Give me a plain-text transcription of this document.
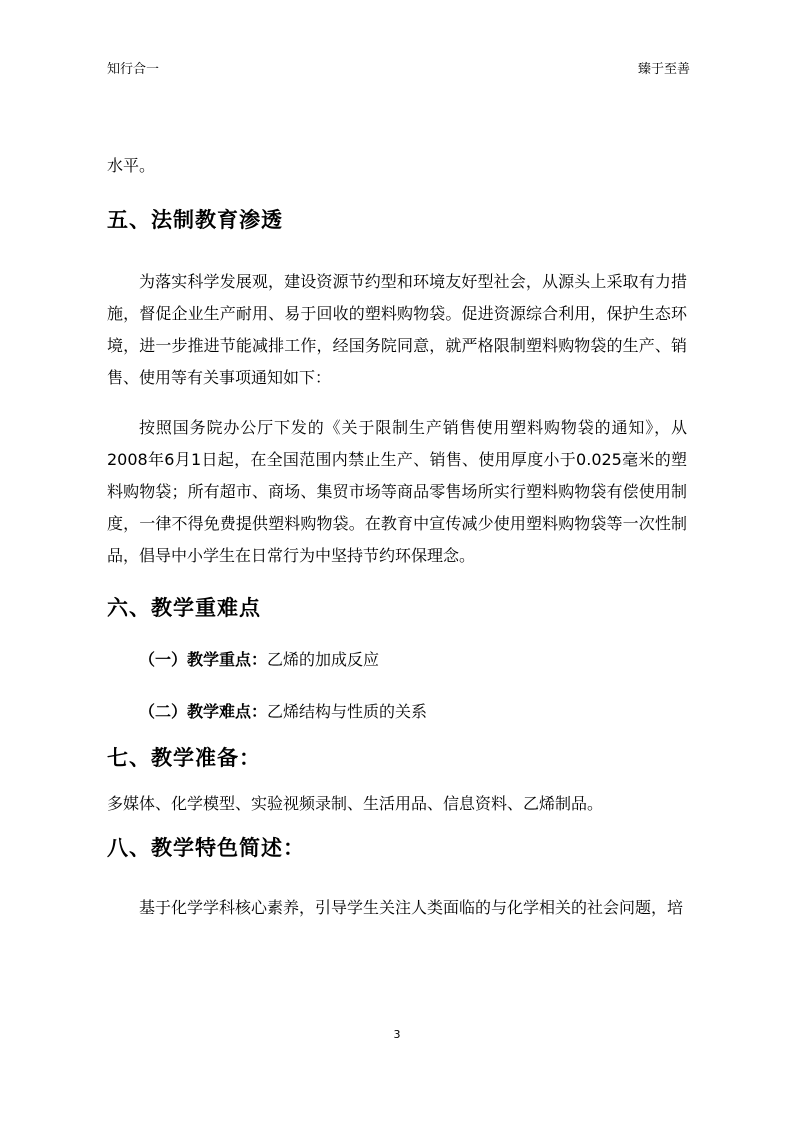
知行合一	臻于至善

水平。

五、法制教育渗透

为落实科学发展观，建设资源节约型和环境友好型社会，从源头上采取有力措施，督促企业生产耐用、易于回收的塑料购物袋。促进资源综合利用，保护生态环境，进一步推进节能减排工作，经国务院同意，就严格限制塑料购物袋的生产、销售、使用等有关事项通知如下：

按照国务院办公厅下发的《关于限制生产销售使用塑料购物袋的通知》，从2008年6月1日起，在全国范围内禁止生产、销售、使用厚度小于0.025毫米的塑料购物袋；所有超市、商场、集贸市场等商品零售场所实行塑料购物袋有偿使用制度，一律不得免费提供塑料购物袋。在教育中宣传减少使用塑料购物袋等一次性制品，倡导中小学生在日常行为中坚持节约环保理念。

六、教学重难点

（一）教学重点：乙烯的加成反应

（二）教学难点：乙烯结构与性质的关系

七、教学准备：

多媒体、化学模型、实验视频录制、生活用品、信息资料、乙烯制品。

八、教学特色简述：

基于化学学科核心素养，引导学生关注人类面临的与化学相关的社会问题，培

3
